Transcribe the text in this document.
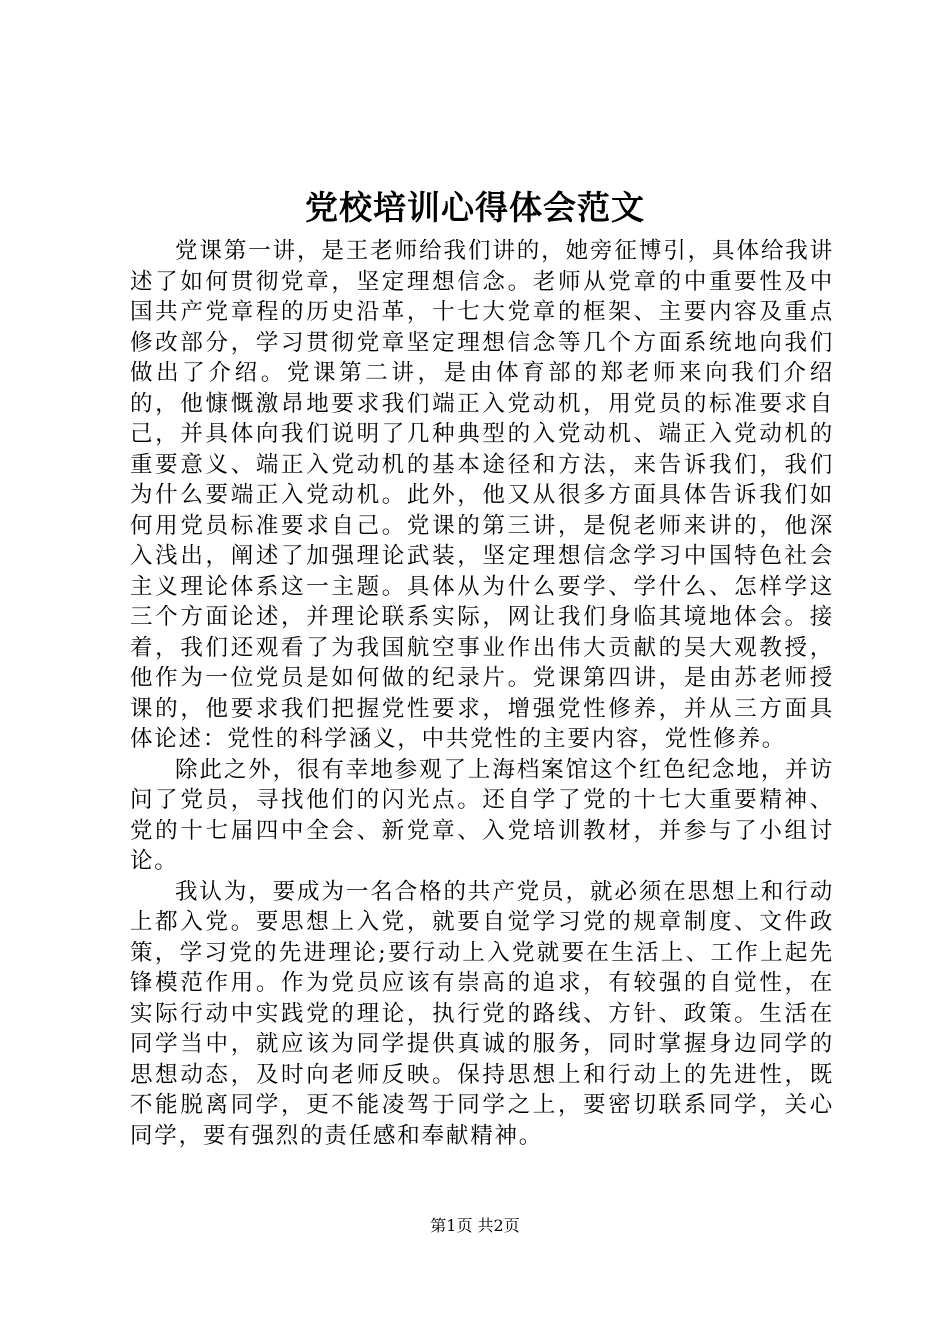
党校培训心得体会范文

党课第一讲，是王老师给我们讲的，她旁征博引，具体给我讲述了如何贯彻党章，坚定理想信念。老师从党章的中重要性及中国共产党章程的历史沿革，十七大党章的框架、主要内容及重点修改部分，学习贯彻党章坚定理想信念等几个方面系统地向我们做出了介绍。党课第二讲，是由体育部的郑老师来向我们介绍的，他慷慨激昂地要求我们端正入党动机，用党员的标准要求自己，并具体向我们说明了几种典型的入党动机、端正入党动机的重要意义、端正入党动机的基本途径和方法，来告诉我们，我们为什么要端正入党动机。此外，他又从很多方面具体告诉我们如何用党员标准要求自己。党课的第三讲，是倪老师来讲的，他深入浅出，阐述了加强理论武装，坚定理想信念学习中国特色社会主义理论体系这一主题。具体从为什么要学、学什么、怎样学这三个方面论述，并理论联系实际，网让我们身临其境地体会。接着，我们还观看了为我国航空事业作出伟大贡献的吴大观教授，他作为一位党员是如何做的纪录片。党课第四讲，是由苏老师授课的，他要求我们把握党性要求，增强党性修养，并从三方面具体论述：党性的科学涵义，中共党性的主要内容，党性修养。

除此之外，很有幸地参观了上海档案馆这个红色纪念地，并访问了党员，寻找他们的闪光点。还自学了党的十七大重要精神、党的十七届四中全会、新党章、入党培训教材，并参与了小组讨论。

我认为，要成为一名合格的共产党员，就必须在思想上和行动上都入党。要思想上入党，就要自觉学习党的规章制度、文件政策，学习党的先进理论;要行动上入党就要在生活上、工作上起先锋模范作用。作为党员应该有崇高的追求，有较强的自觉性，在实际行动中实践党的理论，执行党的路线、方针、政策。生活在同学当中，就应该为同学提供真诚的服务，同时掌握身边同学的思想动态，及时向老师反映。保持思想上和行动上的先进性，既不能脱离同学，更不能凌驾于同学之上，要密切联系同学，关心同学，要有强烈的责任感和奉献精神。

第1页 共2页
